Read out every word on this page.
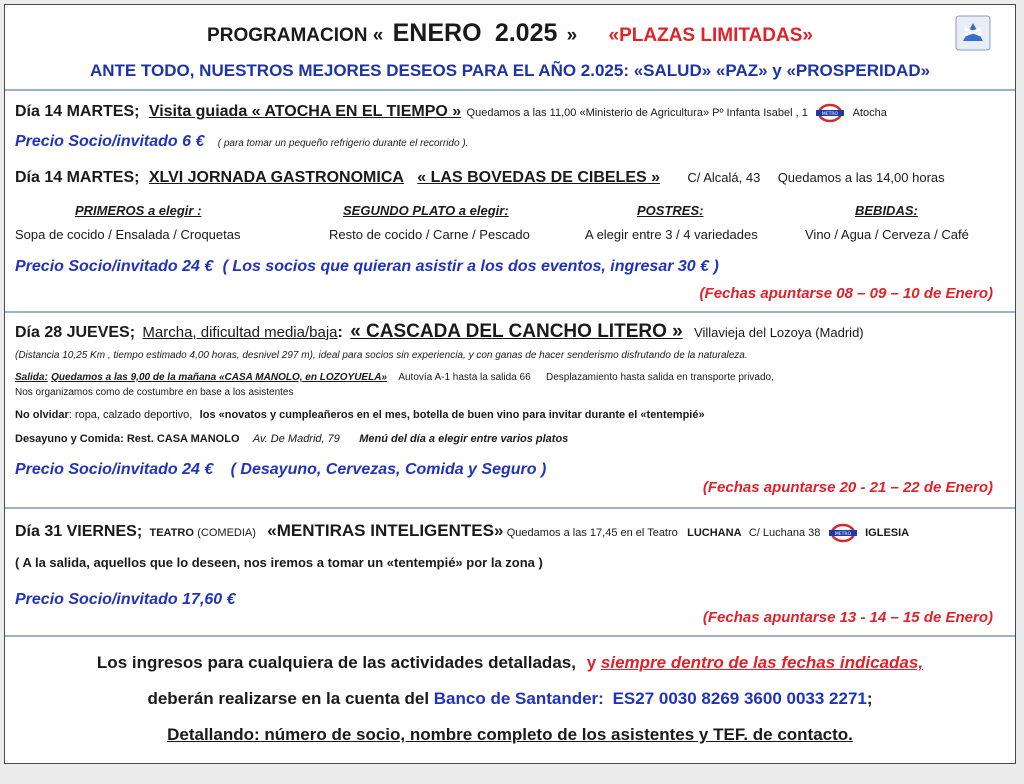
PROGRAMACION « ENERO 2.025 » «PLAZAS LIMITADAS»
ANTE TODO, NUESTROS MEJORES DESEOS PARA EL AÑO 2.025: «SALUD» «PAZ» y «PROSPERIDAD»
Día 14 MARTES; Visita guiada « ATOCHA EN EL TIEMPO » Quedamos a las 11,00 «Ministerio de Agricultura» Pº Infanta Isabel , 1	METRO Atocha
Precio Socio/invitado 6 € ( para tomar un pequeño refrigerio durante el recorrido ).
Día 14 MARTES; XLVI JORNADA GASTRONOMICA « LAS BOVEDAS DE CIBELES » C/ Alcalá, 43 Quedamos a las 14,00 horas
PRIMEROS a elegir :	SEGUNDO PLATO a elegir:	POSTRES:	BEBIDAS:
Sopa de cocido / Ensalada / Croquetas	Resto de cocido / Carne / Pescado	A elegir entre 3 / 4 variedades	Vino / Agua / Cerveza / Café
Precio Socio/invitado 24 € ( Los socios que quieran asistir a los dos eventos, ingresar 30 € )
(Fechas apuntarse 08 – 09 – 10 de Enero)
Día 28 JUEVES; Marcha, dificultad media/baja: « CASCADA DEL CANCHO LITERO » Villavieja del Lozoya (Madrid)
(Distancia 10,25 Km , tiempo estimado 4,00 horas, desnivel 297 m), ideal para socios sin experiencia, y con ganas de hacer senderismo disfrutando de la naturaleza.
Salida: Quedamos a las 9,00 de la mañana «CASA MANOLO, en LOZOYUELA» Autovía A-1 hasta la salida 66 Desplazamiento hasta salida en transporte privado,
Nos organizamos como de costumbre en base a los asistentes
No olvidar: ropa, calzado deportivo, los «novatos y cumpleañeros en el mes, botella de buen vino para invitar durante el «tentempié»
Desayuno y Comida: Rest. CASA MANOLO Av. De Madrid, 79 Menú del día a elegir entre varios platos
Precio Socio/invitado 24 € ( Desayuno, Cervezas, Comida y Seguro )
(Fechas apuntarse 20 - 21 – 22 de Enero)
Día 31 VIERNES; TEATRO (COMEDIA) «MENTIRAS INTELIGENTES» Quedamos a las 17,45 en el Teatro LUCHANA C/ Luchana 38	METRO IGLESIA
( A la salida, aquellos que lo deseen, nos iremos a tomar un «tentempié» por la zona )
Precio Socio/invitado 17,60 €
(Fechas apuntarse 13 - 14 – 15 de Enero)
Los ingresos para cualquiera de las actividades detalladas, y siempre dentro de las fechas indicadas,
deberán realizarse en la cuenta del Banco de Santander: ES27 0030 8269 3600 0033 2271;
Detallando: número de socio, nombre completo de los asistentes y TEF. de contacto.
